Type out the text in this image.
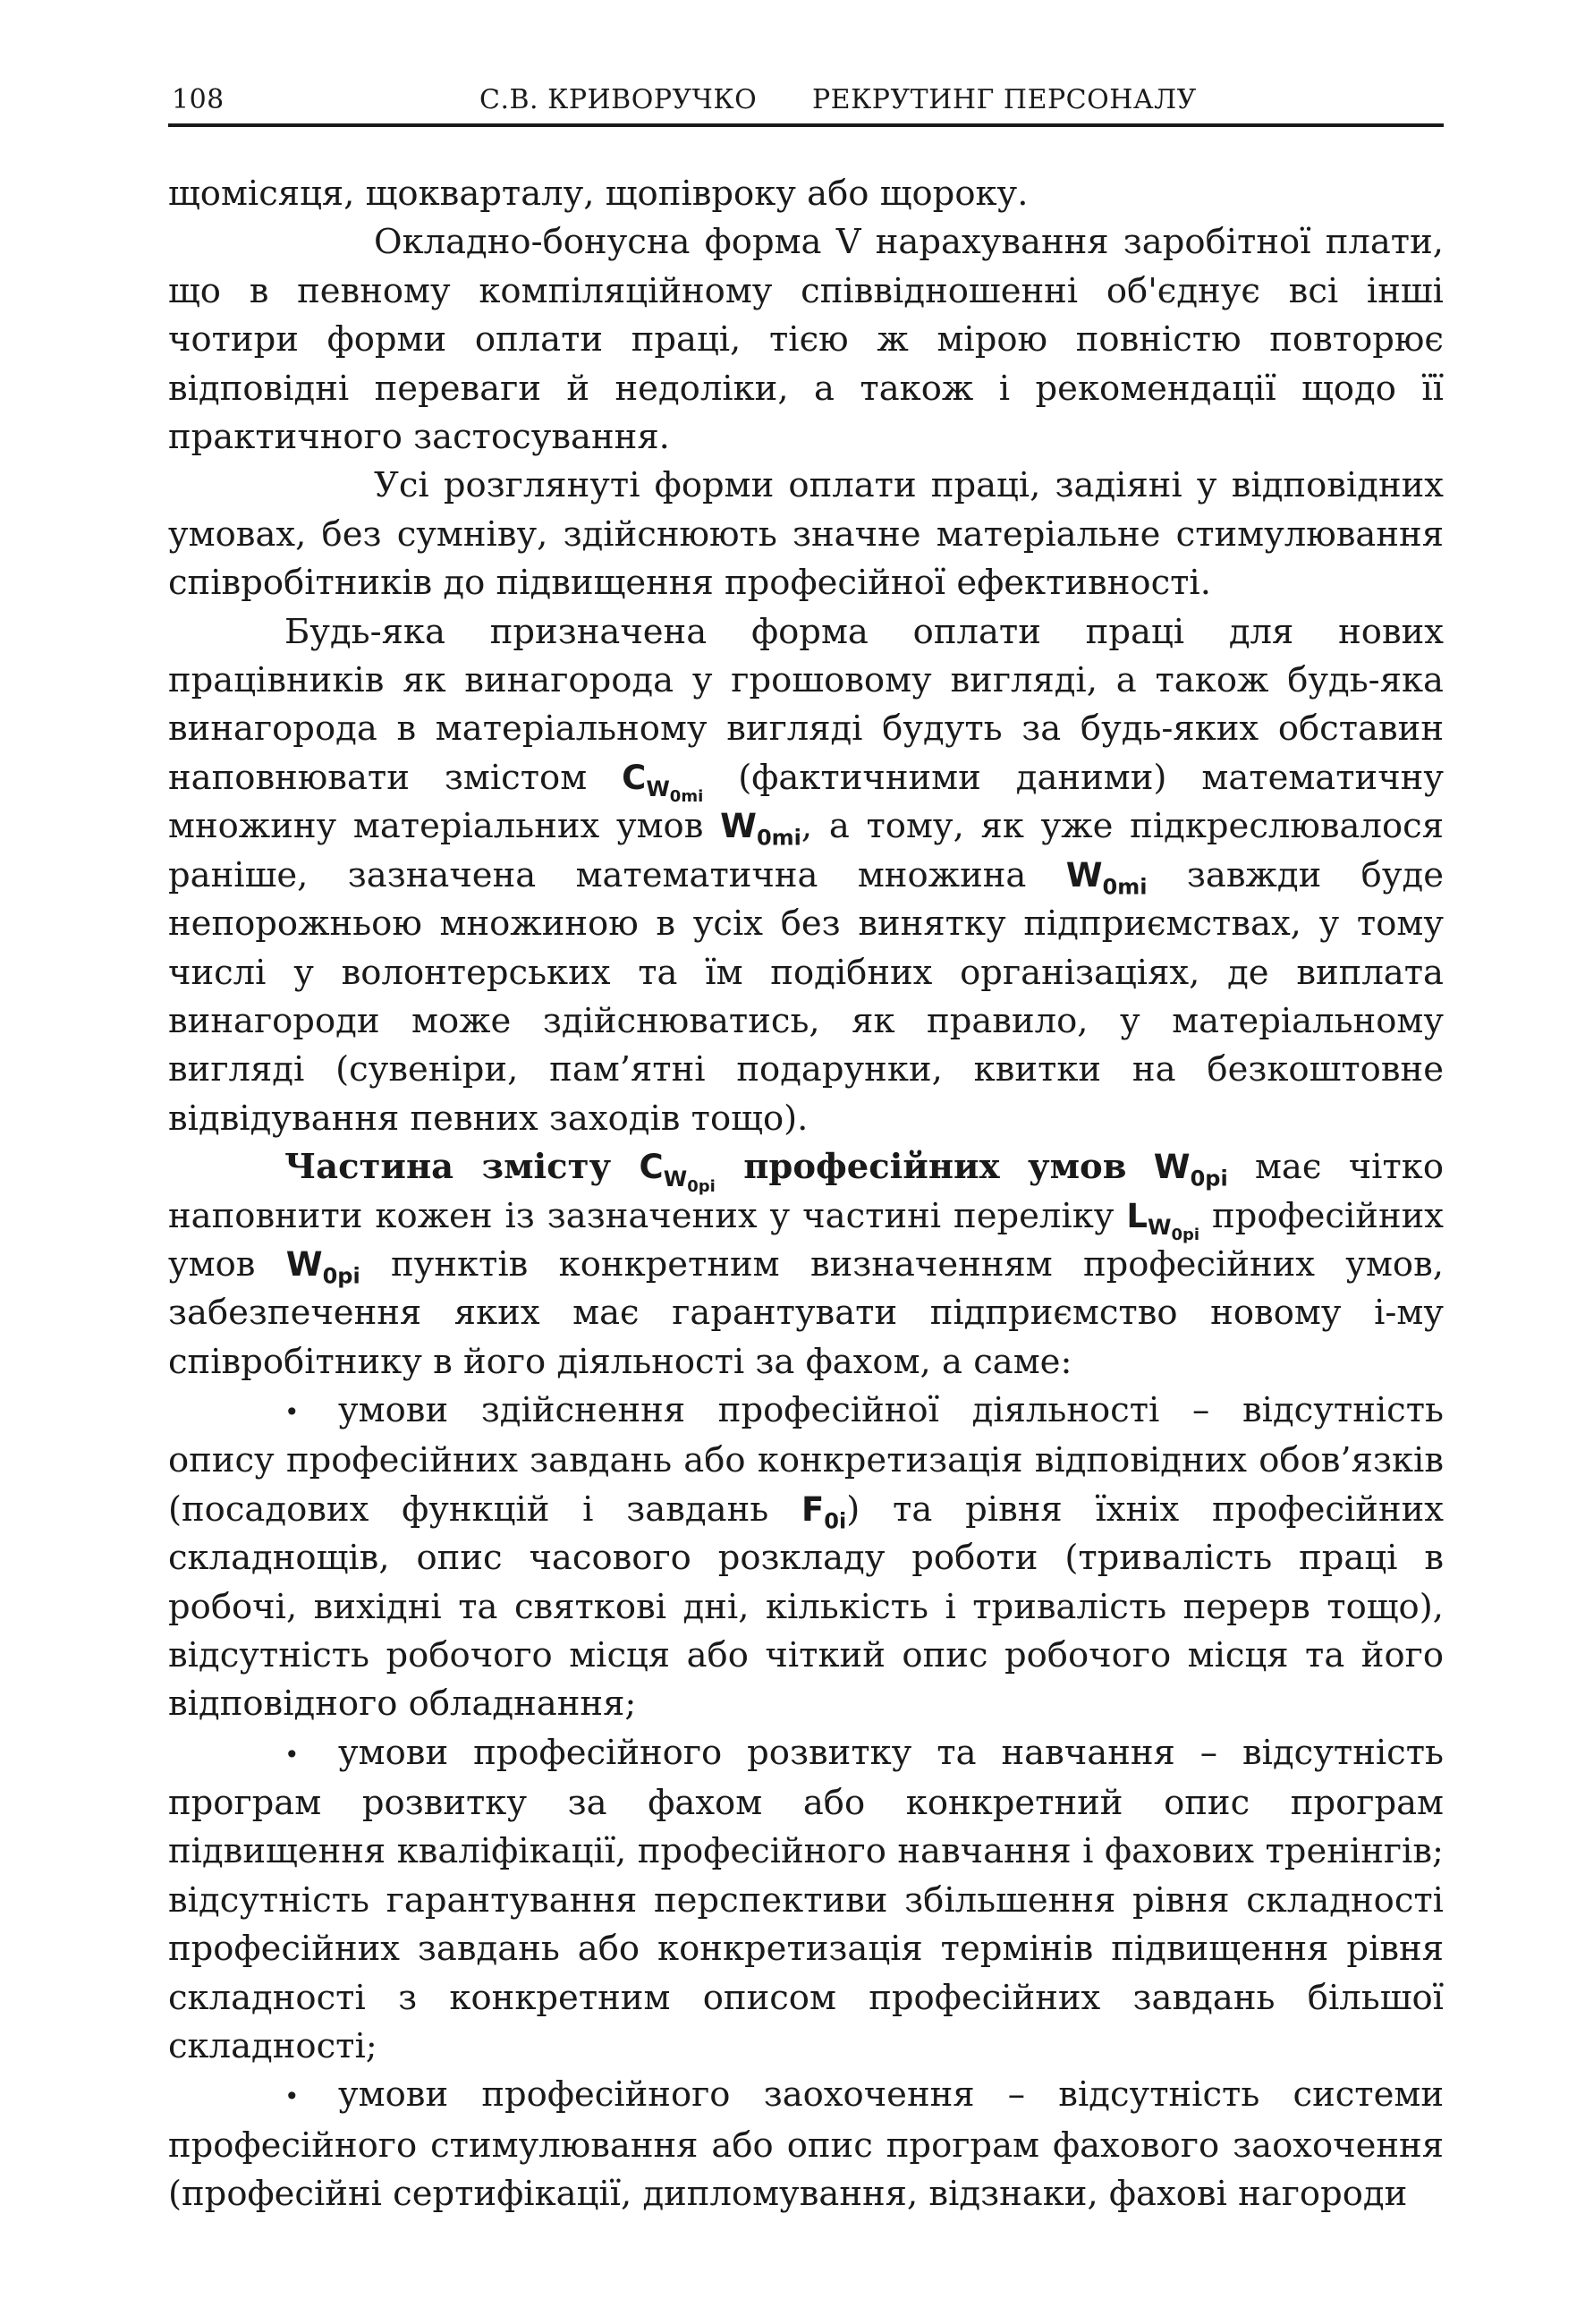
108	С.В. КРИВОРУЧКО РЕКРУТИНГ ПЕРСОНАЛУ

щомісяця, щокварталу, щопівроку або щороку.

Окладно-бонусна форма V нарахування заробітної плати, що в певному компіляційному співвідношенні об'єднує всі інші чотири форми оплати праці, тією ж мірою повністю повторює відповідні переваги й недоліки, а також і рекомендації щодо її практичного застосування.

Усі розглянуті форми оплати праці, задіяні у відповідних умовах, без сумніву, здійснюють значне матеріальне стимулювання співробітників до підвищення професійної ефективності.

Будь-яка призначена форма оплати праці для нових працівників як винагорода у грошовому вигляді, а також будь-яка винагорода в матеріальному вигляді будуть за будь-яких обставин наповнювати змістом $C_{W_{0mi}}$ (фактичними даними) математичну множину матеріальних умов $W_{0mi}$, а тому, як уже підкреслювалося раніше, зазначена математична множина $W_{0mi}$ завжди буде непорожньою множиною в усіх без винятку підприємствах, у тому числі у волонтерських та їм подібних організаціях, де виплата винагороди може здійснюватись, як правило, у матеріальному вигляді (сувеніри, пам’ятні подарунки, квитки на безкоштовне відвідування певних заходів тощо).

Частина змісту $C_{W_{0pi}}$ професійних умов $W_{0pi}$ має чітко наповнити кожен із зазначених у частині переліку $L_{W_{0pi}}$ професійних умов $W_{0pi}$ пунктів конкретним визначенням професійних умов, забезпечення яких має гарантувати підприємство новому і-му співробітнику в його діяльності за фахом, а саме:

• умови здійснення професійної діяльності – відсутність опису професійних завдань або конкретизація відповідних обов’язків (посадових функцій і завдань $F_{0i}$) та рівня їхніх професійних складнощів, опис часового розкладу роботи (тривалість праці в робочі, вихідні та святкові дні, кількість і тривалість перерв тощо), відсутність робочого місця або чіткий опис робочого місця та його відповідного обладнання;

• умови професійного розвитку та навчання – відсутність програм розвитку за фахом або конкретний опис програм підвищення кваліфікації, професійного навчання і фахових тренінгів; відсутність гарантування перспективи збільшення рівня складності професійних завдань або конкретизація термінів підвищення рівня складності з конкретним описом професійних завдань більшої складності;

• умови професійного заохочення – відсутність системи професійного стимулювання або опис програм фахового заохочення (професійні сертифікації, дипломування, відзнаки, фахові нагороди
